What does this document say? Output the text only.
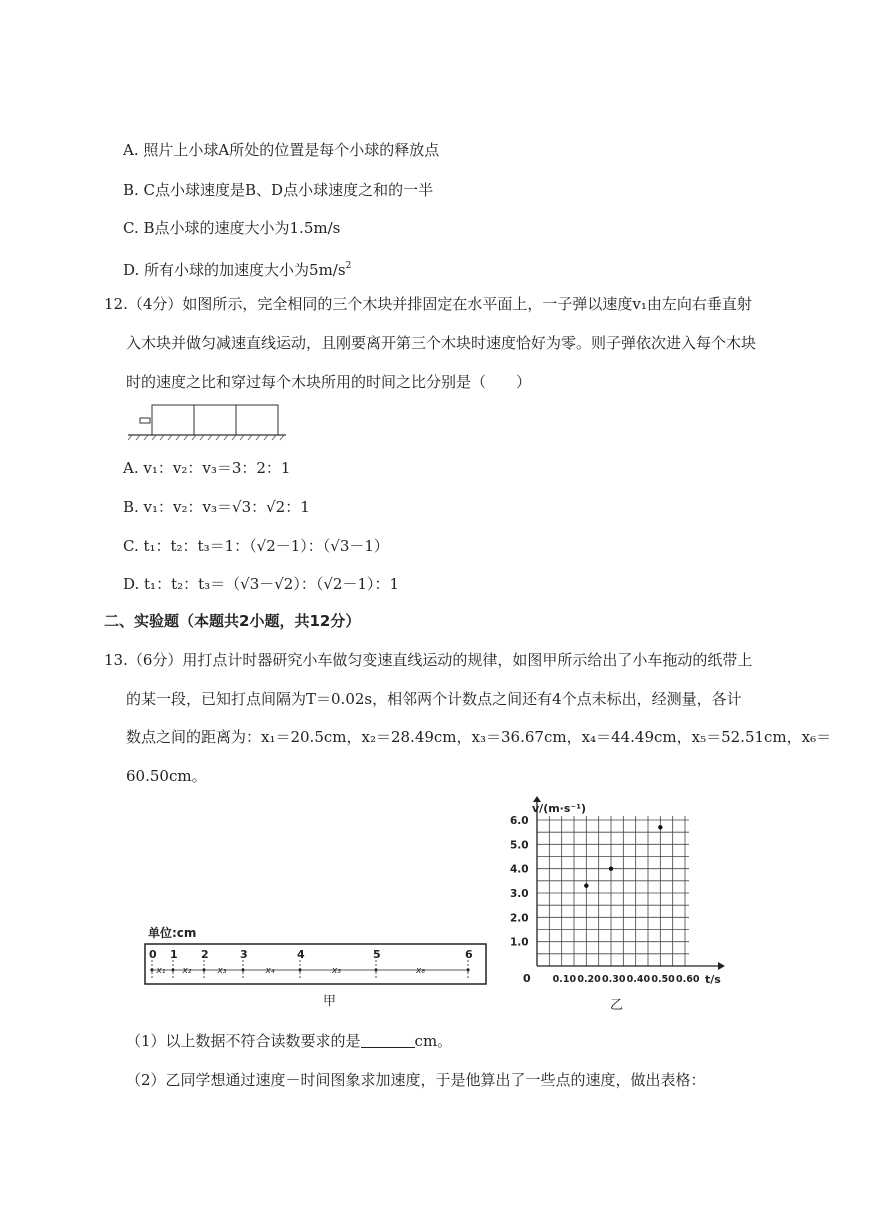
A. 照片上小球A所处的位置是每个小球的释放点
B. C点小球速度是B、D点小球速度之和的一半
C. B点小球的速度大小为1.5m/s
D. 所有小球的加速度大小为$5m/s^2$
12.（4分）如图所示，完全相同的三个木块并排固定在水平面上，一子弹以速度v₁由左向右垂直射
入木块并做匀减速直线运动，且刚要离开第三个木块时速度恰好为零。则子弹依次进入每个木块
时的速度之比和穿过每个木块所用的时间之比分别是（　　）
A. v₁：v₂：v₃＝3：2：1
B. v₁：v₂：v₃＝√3：√2：1
C. t₁：t₂：t₃＝1：（√2－1）：（√3－1）
D. t₁：t₂：t₃＝（√3－√2）：（√2－1）：1
二、实验题（本题共2小题，共12分）
13.（6分）用打点计时器研究小车做匀变速直线运动的规律，如图甲所示给出了小车拖动的纸带上
的某一段，已知打点间隔为T＝0.02s，相邻两个计数点之间还有4个点未标出，经测量，各计
数点之间的距离为：x₁＝20.5cm，x₂＝28.49cm，x₃＝36.67cm，x₄＝44.49cm，x₅＝52.51cm，x₆＝
60.50cm。
单位:cm
0 1 2	3	4	5	6
x₁ x₂	x₃	x₄	x₃	x₆
甲
0.10 0.20 0.30 0.40 0.50 0.60
1.0
2.0
3.0
4.0
5.0
6.0
v/(m·s⁻¹)
t/s
0
乙
（1）以上数据不符合读数要求的是	cm。
（2）乙同学想通过速度－时间图象求加速度，于是他算出了一些点的速度，做出表格：
